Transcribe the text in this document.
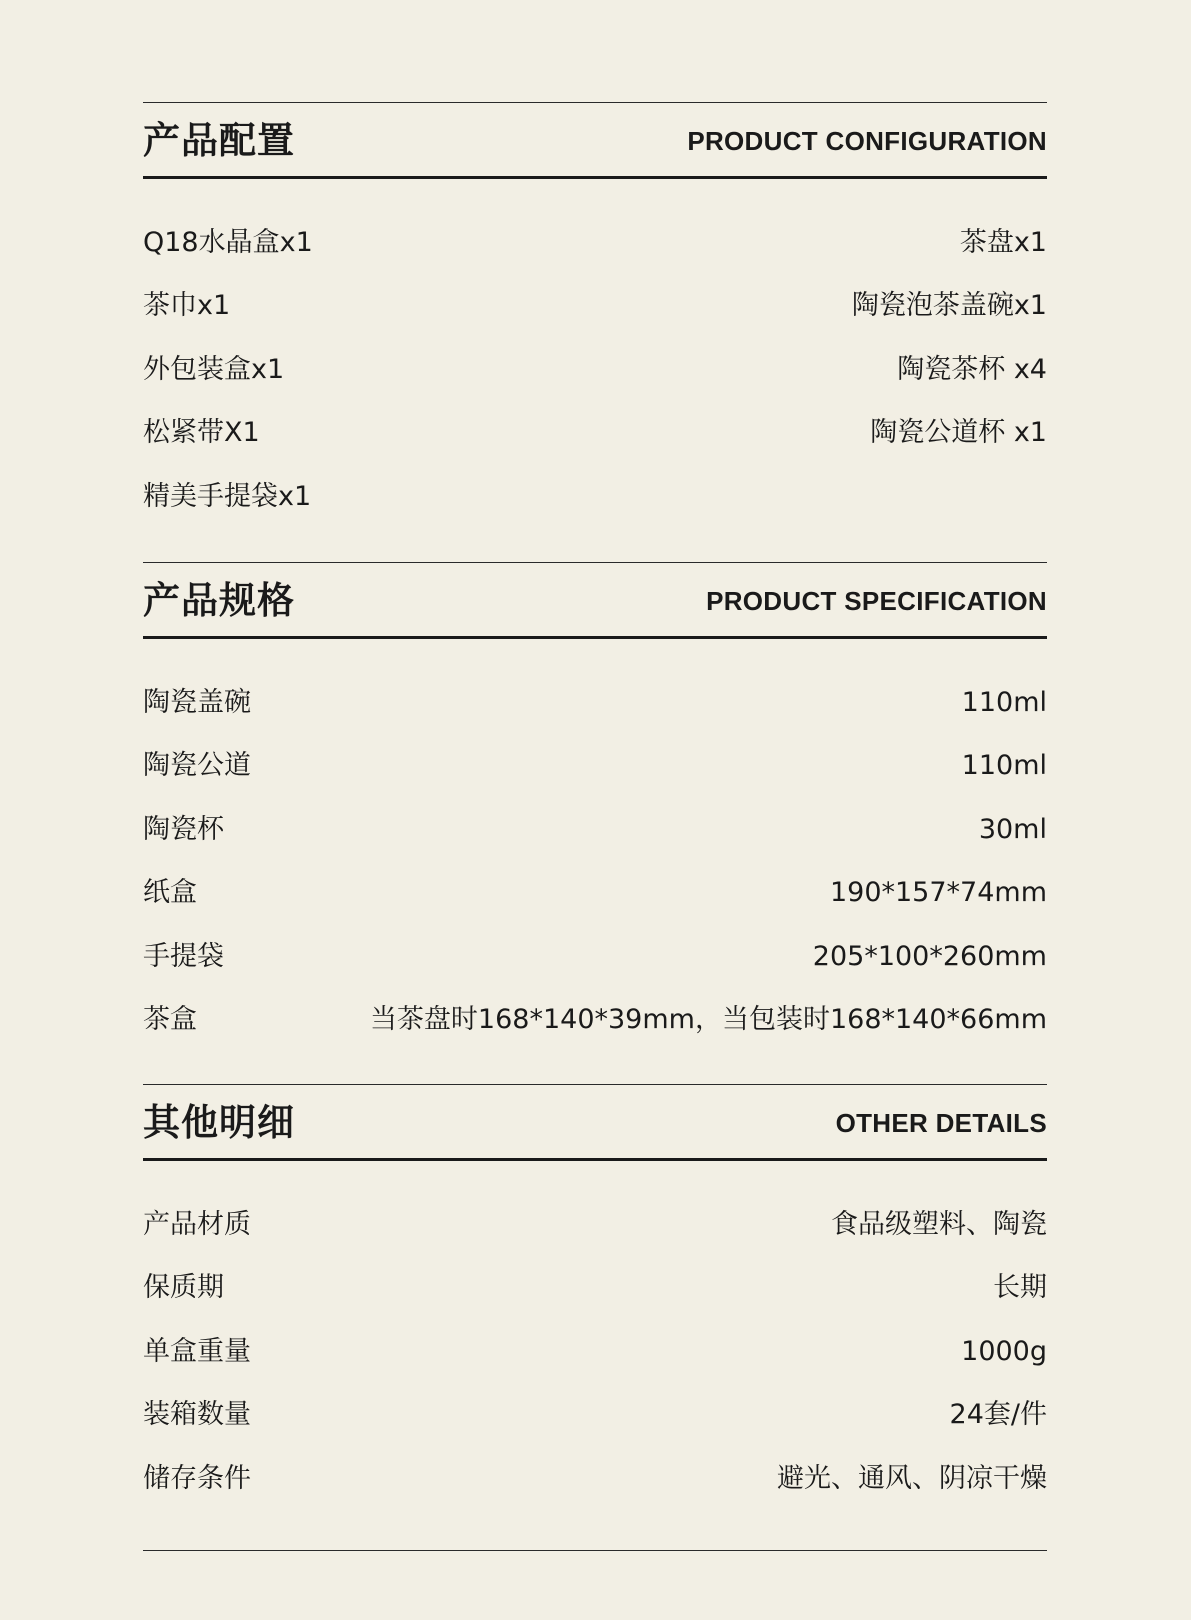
产品配置	PRODUCT CONFIGURATION
Q18水晶盒x1	茶盘x1
茶巾x1	陶瓷泡茶盖碗x1
外包装盒x1	陶瓷茶杯 x4
松紧带X1	陶瓷公道杯 x1
精美手提袋x1
产品规格	PRODUCT SPECIFICATION
陶瓷盖碗	110ml
陶瓷公道	110ml
陶瓷杯	30ml
纸盒	190*157*74mm
手提袋	205*100*260mm
茶盒	当茶盘时168*140*39mm，当包装时168*140*66mm
其他明细	OTHER DETAILS
产品材质	食品级塑料、陶瓷
保质期	长期
单盒重量	1000g
装箱数量	24套/件
储存条件	避光、通风、阴凉干燥
